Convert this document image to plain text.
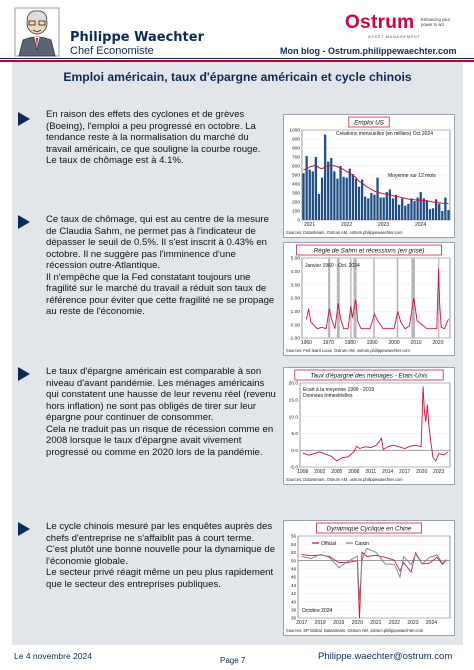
Philippe Waechter
Chef Economiste
Ostrum
ASSET MANAGEMENT
Enhancing your power to act
Mon blog - Ostrum.philippewaechter.com
Emploi américain, taux d'épargne américain et cycle chinois

En raison des effets des cyclones et de grèves (Boeing), l'emploi a peu progressé en octobre. La tendance reste à la normalisation du marché du travail américain, ce que souligne la courbe rouge.

Le taux de chômage est à 4.1%.

Emploi US
0
100
200
300
400
500
600
700
800
900
1000
2021	2022	2023	2024
Créations mensuelles (en milliers) Oct 2024
Moyenne sur 12 mois
Sources: Datastream, Ostrum AM, ostrum.philippewaechter.com

Ce taux de chômage, qui est au centre de la mesure de Claudia Sahm, ne permet pas à l'indicateur de dépasser le seuil de 0.5%. Il s'est inscrit à 0.43% en octobre. Il ne suggère pas l'imminence d'une récession outre-Atlantique.

Il n'empêche que la Fed constatant toujours une fragilité sur le marché du travail a réduit son taux de référence pour éviter que cette fragilité ne se propage au reste de l'économie.

Règle de Sahm et récessions (en grisé)
-1.00
0.00
1.00
2.00
3.00
4.00
5.00
1960 1970 1980 1990 2000 2010 2020
Janvier 1960 - Oct. 2024
Sources: Fed Saint Louis, Ostrum AM, ostrum.philippewaechter.com

Le taux d'épargne américain est comparable à son niveau d'avant pandémie. Les ménages américains qui constatent une hausse de leur revenu réel (revenu hors inflation) ne sont pas obligés de tirer sur leur épargne pour continuer de consommer.

Cela ne traduit pas un risque de récession comme en 2008 lorsque le taux d'épargne avait vivement progressé ou comme en 2020 lors de la pandémie.

Taux d'épargne des ménages - Etats-Unis
-5.0
0.0
5.0
10.0
15.0
20.0
1999 2002 2005 2008 2011 2014 2017 2020 2023
Ecart à la moyenne 1999 - 2019
Données trimestrielles
Sources: Datastream, Ostrum AM, ostrum.philippewaechter.com

Le cycle chinois mesuré par les enquêtes auprès des chefs d'entreprise ne s'affaiblit pas à court terme.

C'est plutôt une bonne nouvelle pour la dynamique de l'économie globale.

Le secteur privé réagit même un peu plus rapidement que le secteur des entreprises publiques.

Dynamique Cyclique en Chine
36
38
40
42
44
46
48
50
52
54
56
Official	Caixin
2017 2018 2019 2020 2021 2022 2023 2024
Octobre 2024
Sources: SP Global, Datastream, Ostrum AM, ostrum.philippewaechter.com
Le 4 novembre 2024	Page 7	Philippe.waechter@ostrum.com
